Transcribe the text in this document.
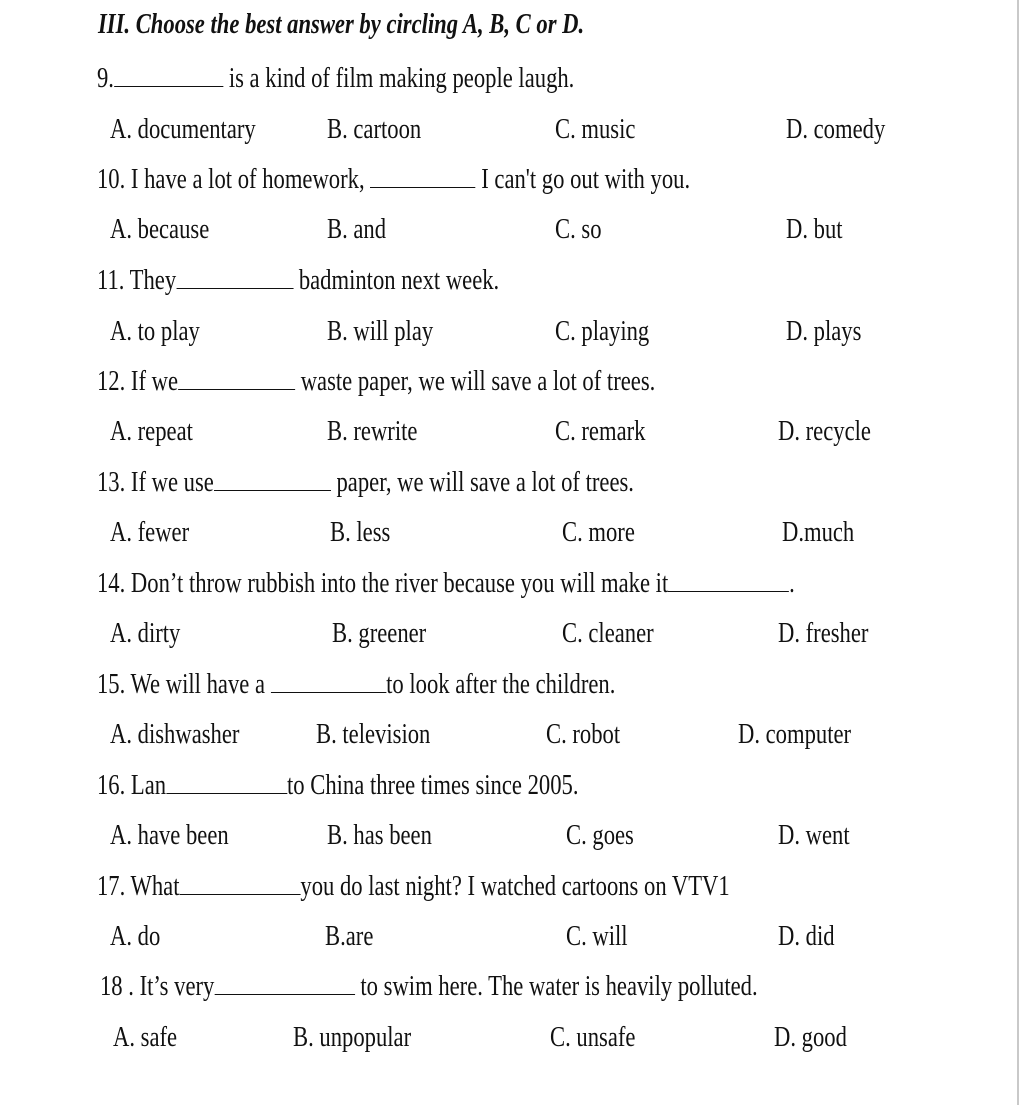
III. Choose the best answer by circling A, B, C or D.
9.	is a kind of film making people laugh.
A. documentary B. cartoon	C. music	D. comedy
10. I have a lot of homework,	I can't go out with you.
A. because	B. and	C. so	D. but
11. They	badminton next week.
A. to play	B. will play	C. playing	D. plays
12. If we	waste paper, we will save a lot of trees.
A. repeat	B. rewrite	C. remark	D. recycle
13. If we use	paper, we will save a lot of trees.
A. fewer	B. less	C. more	D.much
14. Don’t throw rubbish into the river because you will make it	.
A. dirty	B. greener	C. cleaner	D. fresher
15. We will have a	to look after the children.
A. dishwasher	B. television	C. robot	D. computer
16. Lan	to China three times since 2005.
A. have been	B. has been	C. goes	D. went
17. What	you do last night? I watched cartoons on VTV1
A. do	B.are	C. will	D. did
18 . It’s very	to swim here. The water is heavily polluted.
A. safe	B. unpopular	C. unsafe	D. good
